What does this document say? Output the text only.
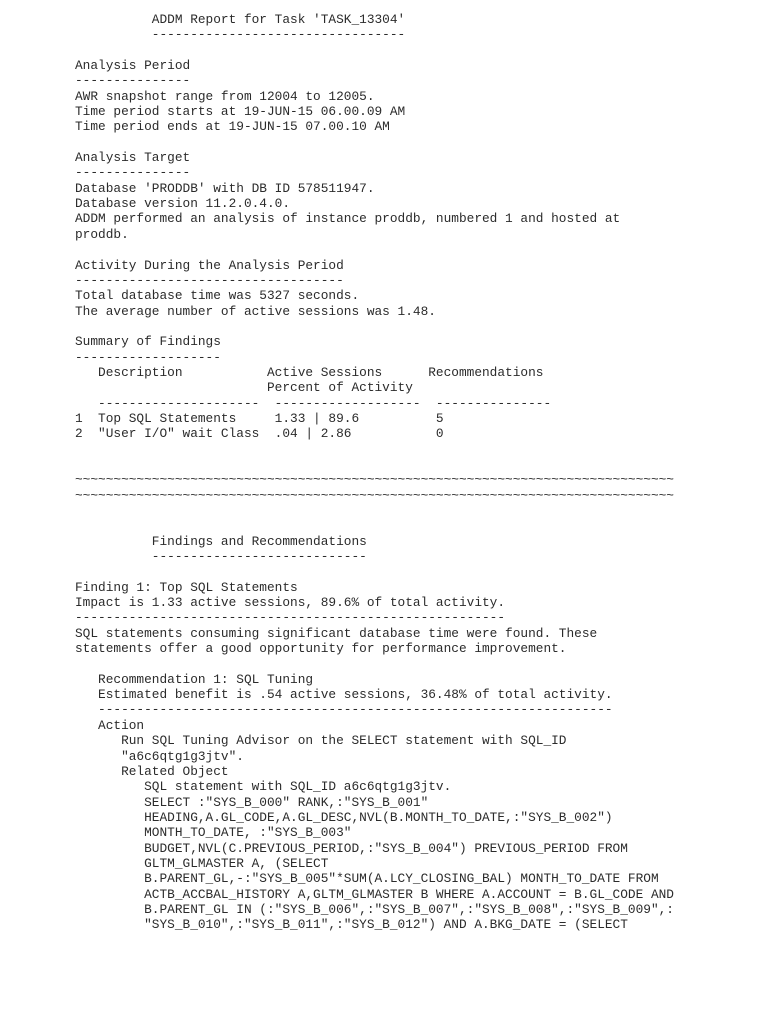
ADDM Report for Task 'TASK_13304'
---------------------------------
Analysis Period
---------------
AWR snapshot range from 12004 to 12005.
Time period starts at 19-JUN-15 06.00.09 AM
Time period ends at 19-JUN-15 07.00.10 AM
Analysis Target
---------------
Database 'PRODDB' with DB ID 578511947.
Database version 11.2.0.4.0.
ADDM performed an analysis of instance proddb, numbered 1 and hosted at
proddb.
Activity During the Analysis Period
-----------------------------------
Total database time was 5327 seconds.
The average number of active sessions was 1.48.
Summary of Findings
-------------------
Description           Active Sessions      Recommendations
Percent of Activity
---------------------  -------------------  ---------------
1  Top SQL Statements     1.33 | 89.6          5
2  "User I/O" wait Class  .04 | 2.86           0
~~~~~~~~~~~~~~~~~~~~~~~~~~~~~~~~~~~~~~~~~~~~~~~~~~~~~~~~~~~~~~~~~~~~~~~~~~~~~~
~~~~~~~~~~~~~~~~~~~~~~~~~~~~~~~~~~~~~~~~~~~~~~~~~~~~~~~~~~~~~~~~~~~~~~~~~~~~~~
Findings and Recommendations
----------------------------
Finding 1: Top SQL Statements
Impact is 1.33 active sessions, 89.6% of total activity.
--------------------------------------------------------
SQL statements consuming significant database time were found. These
statements offer a good opportunity for performance improvement.
Recommendation 1: SQL Tuning
Estimated benefit is .54 active sessions, 36.48% of total activity.
-------------------------------------------------------------------
Action
Run SQL Tuning Advisor on the SELECT statement with SQL_ID
"a6c6qtg1g3jtv".
Related Object
SQL statement with SQL_ID a6c6qtg1g3jtv.
SELECT :"SYS_B_000" RANK,:"SYS_B_001"
HEADING,A.GL_CODE,A.GL_DESC,NVL(B.MONTH_TO_DATE,:"SYS_B_002")
MONTH_TO_DATE, :"SYS_B_003"
BUDGET,NVL(C.PREVIOUS_PERIOD,:"SYS_B_004") PREVIOUS_PERIOD FROM
GLTM_GLMASTER A, (SELECT
B.PARENT_GL,-:"SYS_B_005"*SUM(A.LCY_CLOSING_BAL) MONTH_TO_DATE FROM
ACTB_ACCBAL_HISTORY A,GLTM_GLMASTER B WHERE A.ACCOUNT = B.GL_CODE AND
B.PARENT_GL IN (:"SYS_B_006",:"SYS_B_007",:"SYS_B_008",:"SYS_B_009",:
"SYS_B_010",:"SYS_B_011",:"SYS_B_012") AND A.BKG_DATE = (SELECT
